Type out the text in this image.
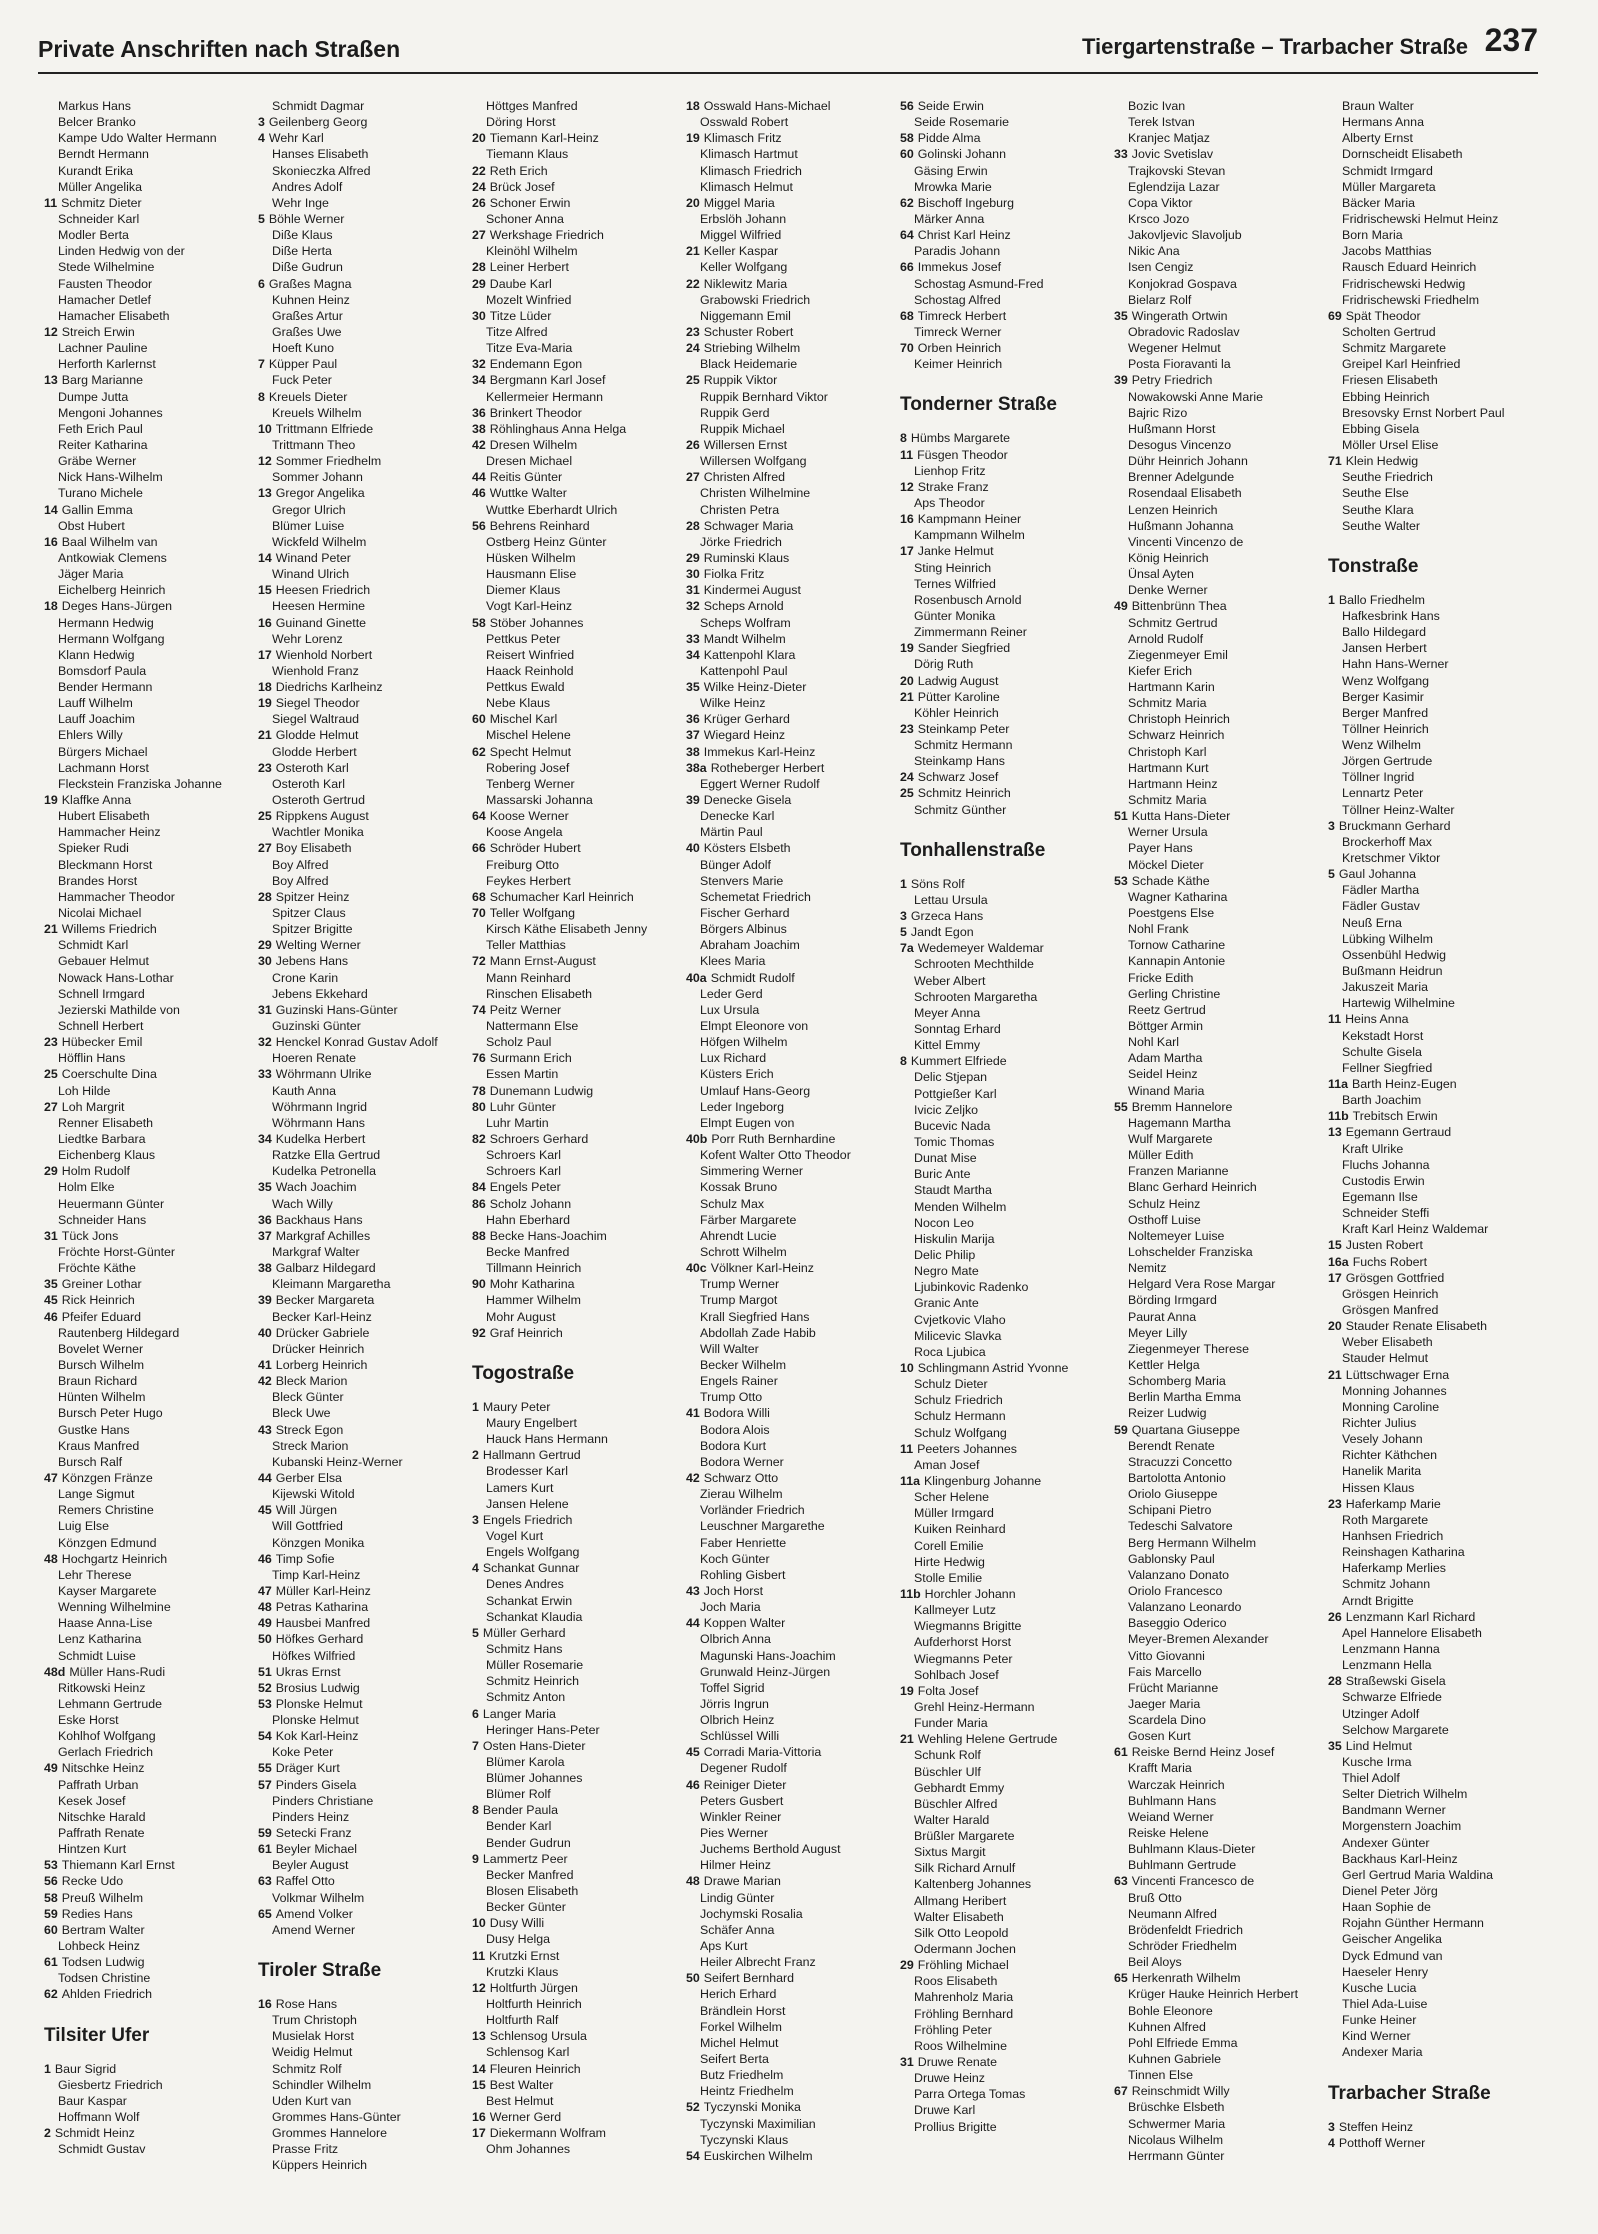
Private Anschriften nach Straßen	Tiergartenstraße – Trarbacher Straße 237
Markus Hans
Belcer Branko
Kampe Udo Walter Hermann
Berndt Hermann
Kurandt Erika
Müller Angelika
11 Schmitz Dieter
Schneider Karl
Modler Berta
Linden Hedwig von der
Stede Wilhelmine
Fausten Theodor
Hamacher Detlef
Hamacher Elisabeth
12 Streich Erwin
Lachner Pauline
Herforth Karlernst
13 Barg Marianne
Dumpe Jutta
Mengoni Johannes
Feth Erich Paul
Reiter Katharina
Gräbe Werner
Nick Hans-Wilhelm
Turano Michele
14 Gallin Emma
Obst Hubert
16 Baal Wilhelm van
Antkowiak Clemens
Jäger Maria
Eichelberg Heinrich
18 Deges Hans-Jürgen
Hermann Hedwig
Hermann Wolfgang
Klann Hedwig
Bomsdorf Paula
Bender Hermann
Lauff Wilhelm
Lauff Joachim
Ehlers Willy
Bürgers Michael
Lachmann Horst
Fleckstein Franziska Johanne
19 Klaffke Anna
Hubert Elisabeth
Hammacher Heinz
Spieker Rudi
Bleckmann Horst
Brandes Horst
Hammacher Theodor
Nicolai Michael
21 Willems Friedrich
Schmidt Karl
Gebauer Helmut
Nowack Hans-Lothar
Schnell Irmgard
Jezierski Mathilde von
Schnell Herbert
23 Hübecker Emil
Höfflin Hans
25 Coerschulte Dina
Loh Hilde
27 Loh Margrit
Renner Elisabeth
Liedtke Barbara
Eichenberg Klaus
29 Holm Rudolf
Holm Elke
Heuermann Günter
Schneider Hans
31 Tück Jons
Fröchte Horst-Günter
Fröchte Käthe
35 Greiner Lothar
45 Rick Heinrich
46 Pfeifer Eduard
Rautenberg Hildegard
Bovelet Werner
Bursch Wilhelm
Braun Richard
Hünten Wilhelm
Bursch Peter Hugo
Gustke Hans
Kraus Manfred
Bursch Ralf
47 Könzgen Fränze
Lange Sigmut
Remers Christine
Luig Else
Könzgen Edmund
48 Hochgartz Heinrich
Lehr Therese
Kayser Margarete
Wenning Wilhelmine
Haase Anna-Lise
Lenz Katharina
Schmidt Luise
48d Müller Hans-Rudi
Ritkowski Heinz
Lehmann Gertrude
Eske Horst
Kohlhof Wolfgang
Gerlach Friedrich
49 Nitschke Heinz
Paffrath Urban
Kesek Josef
Nitschke Harald
Paffrath Renate
Hintzen Kurt
53 Thiemann Karl Ernst
56 Recke Udo
58 Preuß Wilhelm
59 Redies Hans
60 Bertram Walter
Lohbeck Heinz
61 Todsen Ludwig
Todsen Christine
62 Ahlden Friedrich
Tilsiter Ufer
1 Baur Sigrid
Giesbertz Friedrich
Baur Kaspar
Hoffmann Wolf
2 Schmidt Heinz
Schmidt Gustav
Schmidt Dagmar
3 Geilenberg Georg
4 Wehr Karl
Hanses Elisabeth
Skonieczka Alfred
Andres Adolf
Wehr Inge
5 Böhle Werner
Diße Klaus
Diße Herta
Diße Gudrun
6 Graßes Magna
Kuhnen Heinz
Graßes Artur
Graßes Uwe
Hoeft Kuno
7 Küpper Paul
Fuck Peter
8 Kreuels Dieter
Kreuels Wilhelm
10 Trittmann Elfriede
Trittmann Theo
12 Sommer Friedhelm
Sommer Johann
13 Gregor Angelika
Gregor Ulrich
Blümer Luise
Wickfeld Wilhelm
14 Winand Peter
Winand Ulrich
15 Heesen Friedrich
Heesen Hermine
16 Guinand Ginette
Wehr Lorenz
17 Wienhold Norbert
Wienhold Franz
18 Diedrichs Karlheinz
19 Siegel Theodor
Siegel Waltraud
21 Glodde Helmut
Glodde Herbert
23 Osteroth Karl
Osteroth Karl
Osteroth Gertrud
25 Rippkens August
Wachtler Monika
27 Boy Elisabeth
Boy Alfred
Boy Alfred
28 Spitzer Heinz
Spitzer Claus
Spitzer Brigitte
29 Welting Werner
30 Jebens Hans
Crone Karin
Jebens Ekkehard
31 Guzinski Hans-Günter
Guzinski Günter
32 Henckel Konrad Gustav Adolf
Hoeren Renate
33 Wöhrmann Ulrike
Kauth Anna
Wöhrmann Ingrid
Wöhrmann Hans
34 Kudelka Herbert
Ratzke Ella Gertrud
Kudelka Petronella
35 Wach Joachim
Wach Willy
36 Backhaus Hans
37 Markgraf Achilles
Markgraf Walter
38 Galbarz Hildegard
Kleimann Margaretha
39 Becker Margareta
Becker Karl-Heinz
40 Drücker Gabriele
Drücker Heinrich
41 Lorberg Heinrich
42 Bleck Marion
Bleck Günter
Bleck Uwe
43 Streck Egon
Streck Marion
Kubanski Heinz-Werner
44 Gerber Elsa
Kijewski Witold
45 Will Jürgen
Will Gottfried
Könzgen Monika
46 Timp Sofie
Timp Karl-Heinz
47 Müller Karl-Heinz
48 Petras Katharina
49 Hausbei Manfred
50 Höfkes Gerhard
Höfkes Wilfried
51 Ukras Ernst
52 Brosius Ludwig
53 Plonske Helmut
Plonske Helmut
54 Kok Karl-Heinz
Koke Peter
55 Dräger Kurt
57 Pinders Gisela
Pinders Christiane
Pinders Heinz
59 Setecki Franz
61 Beyler Michael
Beyler August
63 Raffel Otto
Volkmar Wilhelm
65 Amend Volker
Amend Werner
Tiroler Straße
16 Rose Hans
Trum Christoph
Musielak Horst
Weidig Helmut
Schmitz Rolf
Schindler Wilhelm
Uden Kurt van
Grommes Hans-Günter
Grommes Hannelore
Prasse Fritz
Küppers Heinrich
Höttges Manfred
Döring Horst
20 Tiemann Karl-Heinz
Tiemann Klaus
22 Reth Erich
24 Brück Josef
26 Schoner Erwin
Schoner Anna
27 Werkshage Friedrich
Kleinöhl Wilhelm
28 Leiner Herbert
29 Daube Karl
Mozelt Winfried
30 Titze Lüder
Titze Alfred
Titze Eva-Maria
32 Endemann Egon
34 Bergmann Karl Josef
Kellermeier Hermann
36 Brinkert Theodor
38 Röhlinghaus Anna Helga
42 Dresen Wilhelm
Dresen Michael
44 Reitis Günter
46 Wuttke Walter
Wuttke Eberhardt Ulrich
56 Behrens Reinhard
Ostberg Heinz Günter
Hüsken Wilhelm
Hausmann Elise
Diemer Klaus
Vogt Karl-Heinz
58 Stöber Johannes
Pettkus Peter
Reisert Winfried
Haack Reinhold
Pettkus Ewald
Nebe Klaus
60 Mischel Karl
Mischel Helene
62 Specht Helmut
Robering Josef
Tenberg Werner
Massarski Johanna
64 Koose Werner
Koose Angela
66 Schröder Hubert
Freiburg Otto
Feykes Herbert
68 Schumacher Karl Heinrich
70 Teller Wolfgang
Kirsch Käthe Elisabeth Jenny
Teller Matthias
72 Mann Ernst-August
Mann Reinhard
Rinschen Elisabeth
74 Peitz Werner
Nattermann Else
Scholz Paul
76 Surmann Erich
Essen Martin
78 Dunemann Ludwig
80 Luhr Günter
Luhr Martin
82 Schroers Gerhard
Schroers Karl
Schroers Karl
84 Engels Peter
86 Scholz Johann
Hahn Eberhard
88 Becke Hans-Joachim
Becke Manfred
Tillmann Heinrich
90 Mohr Katharina
Hammer Wilhelm
Mohr August
92 Graf Heinrich
Togostraße
1 Maury Peter
Maury Engelbert
Hauck Hans Hermann
2 Hallmann Gertrud
Brodesser Karl
Lamers Kurt
Jansen Helene
3 Engels Friedrich
Vogel Kurt
Engels Wolfgang
4 Schankat Gunnar
Denes Andres
Schankat Erwin
Schankat Klaudia
5 Müller Gerhard
Schmitz Hans
Müller Rosemarie
Schmitz Heinrich
Schmitz Anton
6 Langer Maria
Heringer Hans-Peter
7 Osten Hans-Dieter
Blümer Karola
Blümer Johannes
Blümer Rolf
8 Bender Paula
Bender Karl
Bender Gudrun
9 Lammertz Peer
Becker Manfred
Blosen Elisabeth
Becker Günter
10 Dusy Willi
Dusy Helga
11 Krutzki Ernst
Krutzki Klaus
12 Holtfurth Jürgen
Holtfurth Heinrich
Holtfurth Ralf
13 Schlensog Ursula
Schlensog Karl
14 Fleuren Heinrich
15 Best Walter
Best Helmut
16 Werner Gerd
17 Diekermann Wolfram
Ohm Johannes
18 Osswald Hans-Michael
Osswald Robert
19 Klimasch Fritz
Klimasch Hartmut
Klimasch Friedrich
Klimasch Helmut
20 Miggel Maria
Erbslöh Johann
Miggel Wilfried
21 Keller Kaspar
Keller Wolfgang
22 Niklewitz Maria
Grabowski Friedrich
Niggemann Emil
23 Schuster Robert
24 Striebing Wilhelm
Black Heidemarie
25 Ruppik Viktor
Ruppik Bernhard Viktor
Ruppik Gerd
Ruppik Michael
26 Willersen Ernst
Willersen Wolfgang
27 Christen Alfred
Christen Wilhelmine
Christen Petra
28 Schwager Maria
Jörke Friedrich
29 Ruminski Klaus
30 Fiolka Fritz
31 Kindermei August
32 Scheps Arnold
Scheps Wolfram
33 Mandt Wilhelm
34 Kattenpohl Klara
Kattenpohl Paul
35 Wilke Heinz-Dieter
Wilke Heinz
36 Krüger Gerhard
37 Wiegard Heinz
38 Immekus Karl-Heinz
38a Rotheberger Herbert
Eggert Werner Rudolf
39 Denecke Gisela
Denecke Karl
Märtin Paul
40 Kösters Elsbeth
Bünger Adolf
Stenvers Marie
Schemetat Friedrich
Fischer Gerhard
Börgers Albinus
Abraham Joachim
Klees Maria
40a Schmidt Rudolf
Leder Gerd
Lux Ursula
Elmpt Eleonore von
Höfgen Wilhelm
Lux Richard
Küsters Erich
Umlauf Hans-Georg
Leder Ingeborg
Elmpt Eugen von
40b Porr Ruth Bernhardine
Kofent Walter Otto Theodor
Simmering Werner
Kossak Bruno
Schulz Max
Färber Margarete
Ahrendt Lucie
Schrott Wilhelm
40c Völkner Karl-Heinz
Trump Werner
Trump Margot
Krall Siegfried Hans
Abdollah Zade Habib
Will Walter
Becker Wilhelm
Engels Rainer
Trump Otto
41 Bodora Willi
Bodora Alois
Bodora Kurt
Bodora Werner
42 Schwarz Otto
Zierau Wilhelm
Vorländer Friedrich
Leuschner Margarethe
Faber Henriette
Koch Günter
Rohling Gisbert
43 Joch Horst
Joch Maria
44 Koppen Walter
Olbrich Anna
Magunski Hans-Joachim
Grunwald Heinz-Jürgen
Toffel Sigrid
Jörris Ingrun
Olbrich Heinz
Schlüssel Willi
45 Corradi Maria-Vittoria
Degener Rudolf
46 Reiniger Dieter
Peters Gusbert
Winkler Reiner
Pies Werner
Juchems Berthold August
Hilmer Heinz
48 Drawe Marian
Lindig Günter
Jochymski Rosalia
Schäfer Anna
Aps Kurt
Heiler Albrecht Franz
50 Seifert Bernhard
Herich Erhard
Brändlein Horst
Forkel Wilhelm
Michel Helmut
Seifert Berta
Butz Friedhelm
Heintz Friedhelm
52 Tyczynski Monika
Tyczynski Maximilian
Tyczynski Klaus
54 Euskirchen Wilhelm
56 Seide Erwin
Seide Rosemarie
58 Pidde Alma
60 Golinski Johann
Gäsing Erwin
Mrowka Marie
62 Bischoff Ingeburg
Märker Anna
64 Christ Karl Heinz
Paradis Johann
66 Immekus Josef
Schostag Asmund-Fred
Schostag Alfred
68 Timreck Herbert
Timreck Werner
70 Orben Heinrich
Keimer Heinrich
Tonderner Straße
8 Hümbs Margarete
11 Füsgen Theodor
Lienhop Fritz
12 Strake Franz
Aps Theodor
16 Kampmann Heiner
Kampmann Wilhelm
17 Janke Helmut
Sting Heinrich
Ternes Wilfried
Rosenbusch Arnold
Günter Monika
Zimmermann Reiner
19 Sander Siegfried
Dörig Ruth
20 Ladwig August
21 Pütter Karoline
Köhler Heinrich
23 Steinkamp Peter
Schmitz Hermann
Steinkamp Hans
24 Schwarz Josef
25 Schmitz Heinrich
Schmitz Günther
Tonhallenstraße
1 Söns Rolf
Lettau Ursula
3 Grzeca Hans
5 Jandt Egon
7a Wedemeyer Waldemar
Schrooten Mechthilde
Weber Albert
Schrooten Margaretha
Meyer Anna
Sonntag Erhard
Kittel Emmy
8 Kummert Elfriede
Delic Stjepan
Pottgießer Karl
Ivicic Zeljko
Bucevic Nada
Tomic Thomas
Dunat Mise
Buric Ante
Staudt Martha
Menden Wilhelm
Nocon Leo
Hiskulin Marija
Delic Philip
Negro Mate
Ljubinkovic Radenko
Granic Ante
Cvjetkovic Vlaho
Milicevic Slavka
Roca Ljubica
10 Schlingmann Astrid Yvonne
Schulz Dieter
Schulz Friedrich
Schulz Hermann
Schulz Wolfgang
11 Peeters Johannes
Aman Josef
11a Klingenburg Johanne
Scher Helene
Müller Irmgard
Kuiken Reinhard
Corell Emilie
Hirte Hedwig
Stolle Emilie
11b Horchler Johann
Kallmeyer Lutz
Wiegmanns Brigitte
Aufderhorst Horst
Wiegmanns Peter
Sohlbach Josef
19 Folta Josef
Grehl Heinz-Hermann
Funder Maria
21 Wehling Helene Gertrude
Schunk Rolf
Büschler Ulf
Gebhardt Emmy
Büschler Alfred
Walter Harald
Brüßler Margarete
Sixtus Margit
Silk Richard Arnulf
Kaltenberg Johannes
Allmang Heribert
Walter Elisabeth
Silk Otto Leopold
Odermann Jochen
29 Fröhling Michael
Roos Elisabeth
Mahrenholz Maria
Fröhling Bernhard
Fröhling Peter
Roos Wilhelmine
31 Druwe Renate
Druwe Heinz
Parra Ortega Tomas
Druwe Karl
Prollius Brigitte
Bozic Ivan
Terek Istvan
Kranjec Matjaz
33 Jovic Svetislav
Trajkovski Stevan
Eglendzija Lazar
Copa Viktor
Krsco Jozo
Jakovljevic Slavoljub
Nikic Ana
Isen Cengiz
Konjokrad Gospava
Bielarz Rolf
35 Wingerath Ortwin
Obradovic Radoslav
Wegener Helmut
Posta Fioravanti la
39 Petry Friedrich
Nowakowski Anne Marie
Bajric Rizo
Hußmann Horst
Desogus Vincenzo
Dühr Heinrich Johann
Brenner Adelgunde
Rosendaal Elisabeth
Lenzen Heinrich
Hußmann Johanna
Vincenti Vincenzo de
König Heinrich
Ünsal Ayten
Denke Werner
49 Bittenbrünn Thea
Schmitz Gertrud
Arnold Rudolf
Ziegenmeyer Emil
Kiefer Erich
Hartmann Karin
Schmitz Maria
Christoph Heinrich
Schwarz Heinrich
Christoph Karl
Hartmann Kurt
Hartmann Heinz
Schmitz Maria
51 Kutta Hans-Dieter
Werner Ursula
Payer Hans
Möckel Dieter
53 Schade Käthe
Wagner Katharina
Poestgens Else
Nohl Frank
Tornow Catharine
Kannapin Antonie
Fricke Edith
Gerling Christine
Reetz Gertrud
Böttger Armin
Nohl Karl
Adam Martha
Seidel Heinz
Winand Maria
55 Bremm Hannelore
Hagemann Martha
Wulf Margarete
Müller Edith
Franzen Marianne
Blanc Gerhard Heinrich
Schulz Heinz
Osthoff Luise
Noltemeyer Luise
Lohschelder Franziska
Nemitz
Helgard Vera Rose Margar
Börding Irmgard
Paurat Anna
Meyer Lilly
Ziegenmeyer Therese
Kettler Helga
Schomberg Maria
Berlin Martha Emma
Reizer Ludwig
59 Quartana Giuseppe
Berendt Renate
Stracuzzi Concetto
Bartolotta Antonio
Oriolo Giuseppe
Schipani Pietro
Tedeschi Salvatore
Berg Hermann Wilhelm
Gablonsky Paul
Valanzano Donato
Oriolo Francesco
Valanzano Leonardo
Baseggio Oderico
Meyer-Bremen Alexander
Vitto Giovanni
Fais Marcello
Frücht Marianne
Jaeger Maria
Scardela Dino
Gosen Kurt
61 Reiske Bernd Heinz Josef
Krafft Maria
Warczak Heinrich
Buhlmann Hans
Weiand Werner
Reiske Helene
Buhlmann Klaus-Dieter
Buhlmann Gertrude
63 Vincenti Francesco de
Bruß Otto
Neumann Alfred
Brödenfeldt Friedrich
Schröder Friedhelm
Beil Aloys
65 Herkenrath Wilhelm
Krüger Hauke Heinrich Herbert
Bohle Eleonore
Kuhnen Alfred
Pohl Elfriede Emma
Kuhnen Gabriele
Tinnen Else
67 Reinschmidt Willy
Brüschke Elsbeth
Schwermer Maria
Nicolaus Wilhelm
Herrmann Günter
Braun Walter
Hermans Anna
Alberty Ernst
Dornscheidt Elisabeth
Schmidt Irmgard
Müller Margareta
Bäcker Maria
Fridrischewski Helmut Heinz
Born Maria
Jacobs Matthias
Rausch Eduard Heinrich
Fridrischewski Hedwig
Fridrischewski Friedhelm
69 Spät Theodor
Scholten Gertrud
Schmitz Margarete
Greipel Karl Heinfried
Friesen Elisabeth
Ebbing Heinrich
Bresovsky Ernst Norbert Paul
Ebbing Gisela
Möller Ursel Elise
71 Klein Hedwig
Seuthe Friedrich
Seuthe Else
Seuthe Klara
Seuthe Walter
Tonstraße
1 Ballo Friedhelm
Hafkesbrink Hans
Ballo Hildegard
Jansen Herbert
Hahn Hans-Werner
Wenz Wolfgang
Berger Kasimir
Berger Manfred
Töllner Heinrich
Wenz Wilhelm
Jörgen Gertrude
Töllner Ingrid
Lennartz Peter
Töllner Heinz-Walter
3 Bruckmann Gerhard
Brockerhoff Max
Kretschmer Viktor
5 Gaul Johanna
Fädler Martha
Fädler Gustav
Neuß Erna
Lübking Wilhelm
Ossenbühl Hedwig
Bußmann Heidrun
Jakuszeit Maria
Hartewig Wilhelmine
11 Heins Anna
Kekstadt Horst
Schulte Gisela
Fellner Siegfried
11a Barth Heinz-Eugen
Barth Joachim
11b Trebitsch Erwin
13 Egemann Gertraud
Kraft Ulrike
Fluchs Johanna
Custodis Erwin
Egemann Ilse
Schneider Steffi
Kraft Karl Heinz Waldemar
15 Justen Robert
16a Fuchs Robert
17 Grösgen Gottfried
Grösgen Heinrich
Grösgen Manfred
20 Stauder Renate Elisabeth
Weber Elisabeth
Stauder Helmut
21 Lüttschwager Erna
Monning Johannes
Monning Caroline
Richter Julius
Vesely Johann
Richter Käthchen
Hanelik Marita
Hissen Klaus
23 Haferkamp Marie
Roth Margarete
Hanhsen Friedrich
Reinshagen Katharina
Haferkamp Merlies
Schmitz Johann
Arndt Brigitte
26 Lenzmann Karl Richard
Apel Hannelore Elisabeth
Lenzmann Hanna
Lenzmann Hella
28 Straßewski Gisela
Schwarze Elfriede
Utzinger Adolf
Selchow Margarete
35 Lind Helmut
Kusche Irma
Thiel Adolf
Selter Dietrich Wilhelm
Bandmann Werner
Morgenstern Joachim
Andexer Günter
Backhaus Karl-Heinz
Gerl Gertrud Maria Waldina
Dienel Peter Jörg
Haan Sophie de
Rojahn Günther Hermann
Geischer Angelika
Dyck Edmund van
Haeseler Henry
Kusche Lucia
Thiel Ada-Luise
Funke Heiner
Kind Werner
Andexer Maria
Trarbacher Straße
3 Steffen Heinz
4 Potthoff Werner
